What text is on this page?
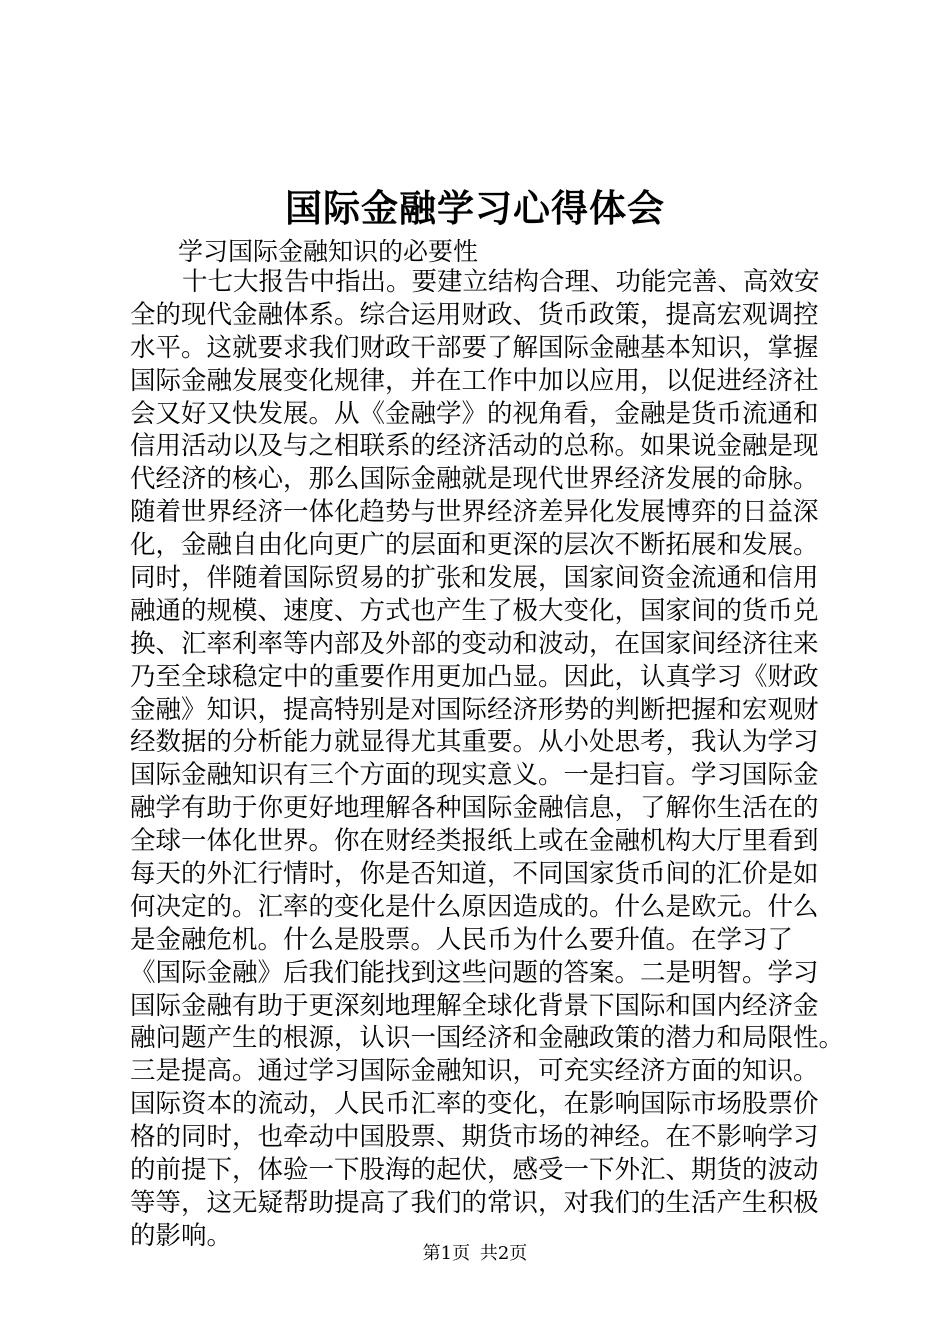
国际金融学习心得体会

学习国际金融知识的必要性

十七大报告中指出。要建立结构合理、功能完善、高效安
全的现代金融体系。综合运用财政、货币政策，提高宏观调控
水平。这就要求我们财政干部要了解国际金融基本知识，掌握
国际金融发展变化规律，并在工作中加以应用，以促进经济社
会又好又快发展。从《金融学》的视角看，金融是货币流通和
信用活动以及与之相联系的经济活动的总称。如果说金融是现
代经济的核心，那么国际金融就是现代世界经济发展的命脉。
随着世界经济一体化趋势与世界经济差异化发展博弈的日益深
化，金融自由化向更广的层面和更深的层次不断拓展和发展。
同时，伴随着国际贸易的扩张和发展，国家间资金流通和信用
融通的规模、速度、方式也产生了极大变化，国家间的货币兑
换、汇率利率等内部及外部的变动和波动，在国家间经济往来
乃至全球稳定中的重要作用更加凸显。因此，认真学习《财政
金融》知识，提高特别是对国际经济形势的判断把握和宏观财
经数据的分析能力就显得尤其重要。从小处思考，我认为学习
国际金融知识有三个方面的现实意义。一是扫盲。学习国际金
融学有助于你更好地理解各种国际金融信息，了解你生活在的
全球一体化世界。你在财经类报纸上或在金融机构大厅里看到
每天的外汇行情时，你是否知道，不同国家货币间的汇价是如
何决定的。汇率的变化是什么原因造成的。什么是欧元。什么
是金融危机。什么是股票。人民币为什么要升值。在学习了
《国际金融》后我们能找到这些问题的答案。二是明智。学习
国际金融有助于更深刻地理解全球化背景下国际和国内经济金
融问题产生的根源，认识一国经济和金融政策的潜力和局限性。
三是提高。通过学习国际金融知识，可充实经济方面的知识。
国际资本的流动，人民币汇率的变化，在影响国际市场股票价
格的同时，也牵动中国股票、期货市场的神经。在不影响学习
的前提下，体验一下股海的起伏，感受一下外汇、期货的波动
等等，这无疑帮助提高了我们的常识，对我们的生活产生积极
的影响。
第1页 共2页
